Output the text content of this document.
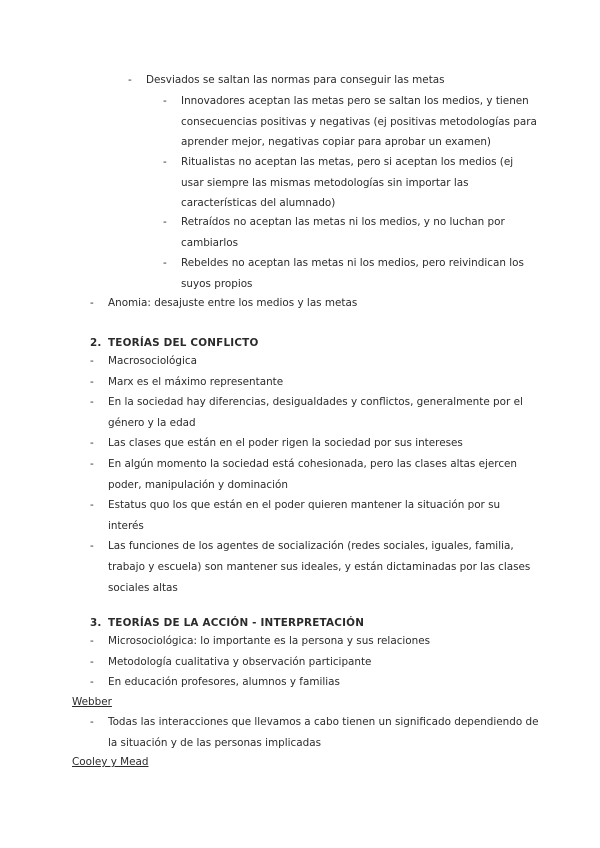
- Desviados se saltan las normas para conseguir las metas
- Innovadores aceptan las metas pero se saltan los medios, y tienen
consecuencias positivas y negativas (ej positivas metodologías para
aprender mejor, negativas copiar para aprobar un examen)
- Ritualistas no aceptan las metas, pero si aceptan los medios (ej
usar siempre las mismas metodologías sin importar las
características del alumnado)
- Retraídos no aceptan las metas ni los medios, y no luchan por
cambiarlos
- Rebeldes no aceptan las metas ni los medios, pero reivindican los
suyos propios
- Anomia: desajuste entre los medios y las metas
2. TEORÍAS DEL CONFLICTO
- Macrosociológica
- Marx es el máximo representante
- En la sociedad hay diferencias, desigualdades y conflictos, generalmente por el
género y la edad
- Las clases que están en el poder rigen la sociedad por sus intereses
- En algún momento la sociedad está cohesionada, pero las clases altas ejercen
poder, manipulación y dominación
- Estatus quo los que están en el poder quieren mantener la situación por su
interés
- Las funciones de los agentes de socialización (redes sociales, iguales, familia,
trabajo y escuela) son mantener sus ideales, y están dictaminadas por las clases
sociales altas
3. TEORÍAS DE LA ACCIÓN - INTERPRETACIÓN
- Microsociológica: lo importante es la persona y sus relaciones
- Metodología cualitativa y observación participante
- En educación profesores, alumnos y familias
Webber
- Todas las interacciones que llevamos a cabo tienen un significado dependiendo de
la situación y de las personas implicadas
Cooley y Mead
